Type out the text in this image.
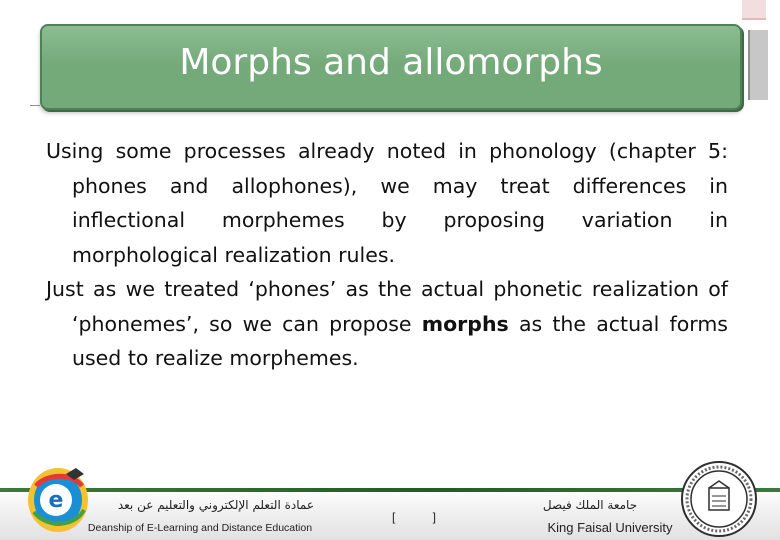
Morphs and allomorphs

Using some processes already noted in phonology (chapter 5: phones and allophones), we may treat differences in inflectional morphemes by proposing variation in morphological realization rules.

Just as we treated ‘phones’ as the actual phonetic realization of ‘phonemes’, so we can propose morphs as the actual forms used to realize morphemes.

عمادة التعلم الإلكتروني والتعليم عن بعد
Deanship of E-Learning and Distance Education
[	]
جامعة الملك فيصل
King Faisal University
e
